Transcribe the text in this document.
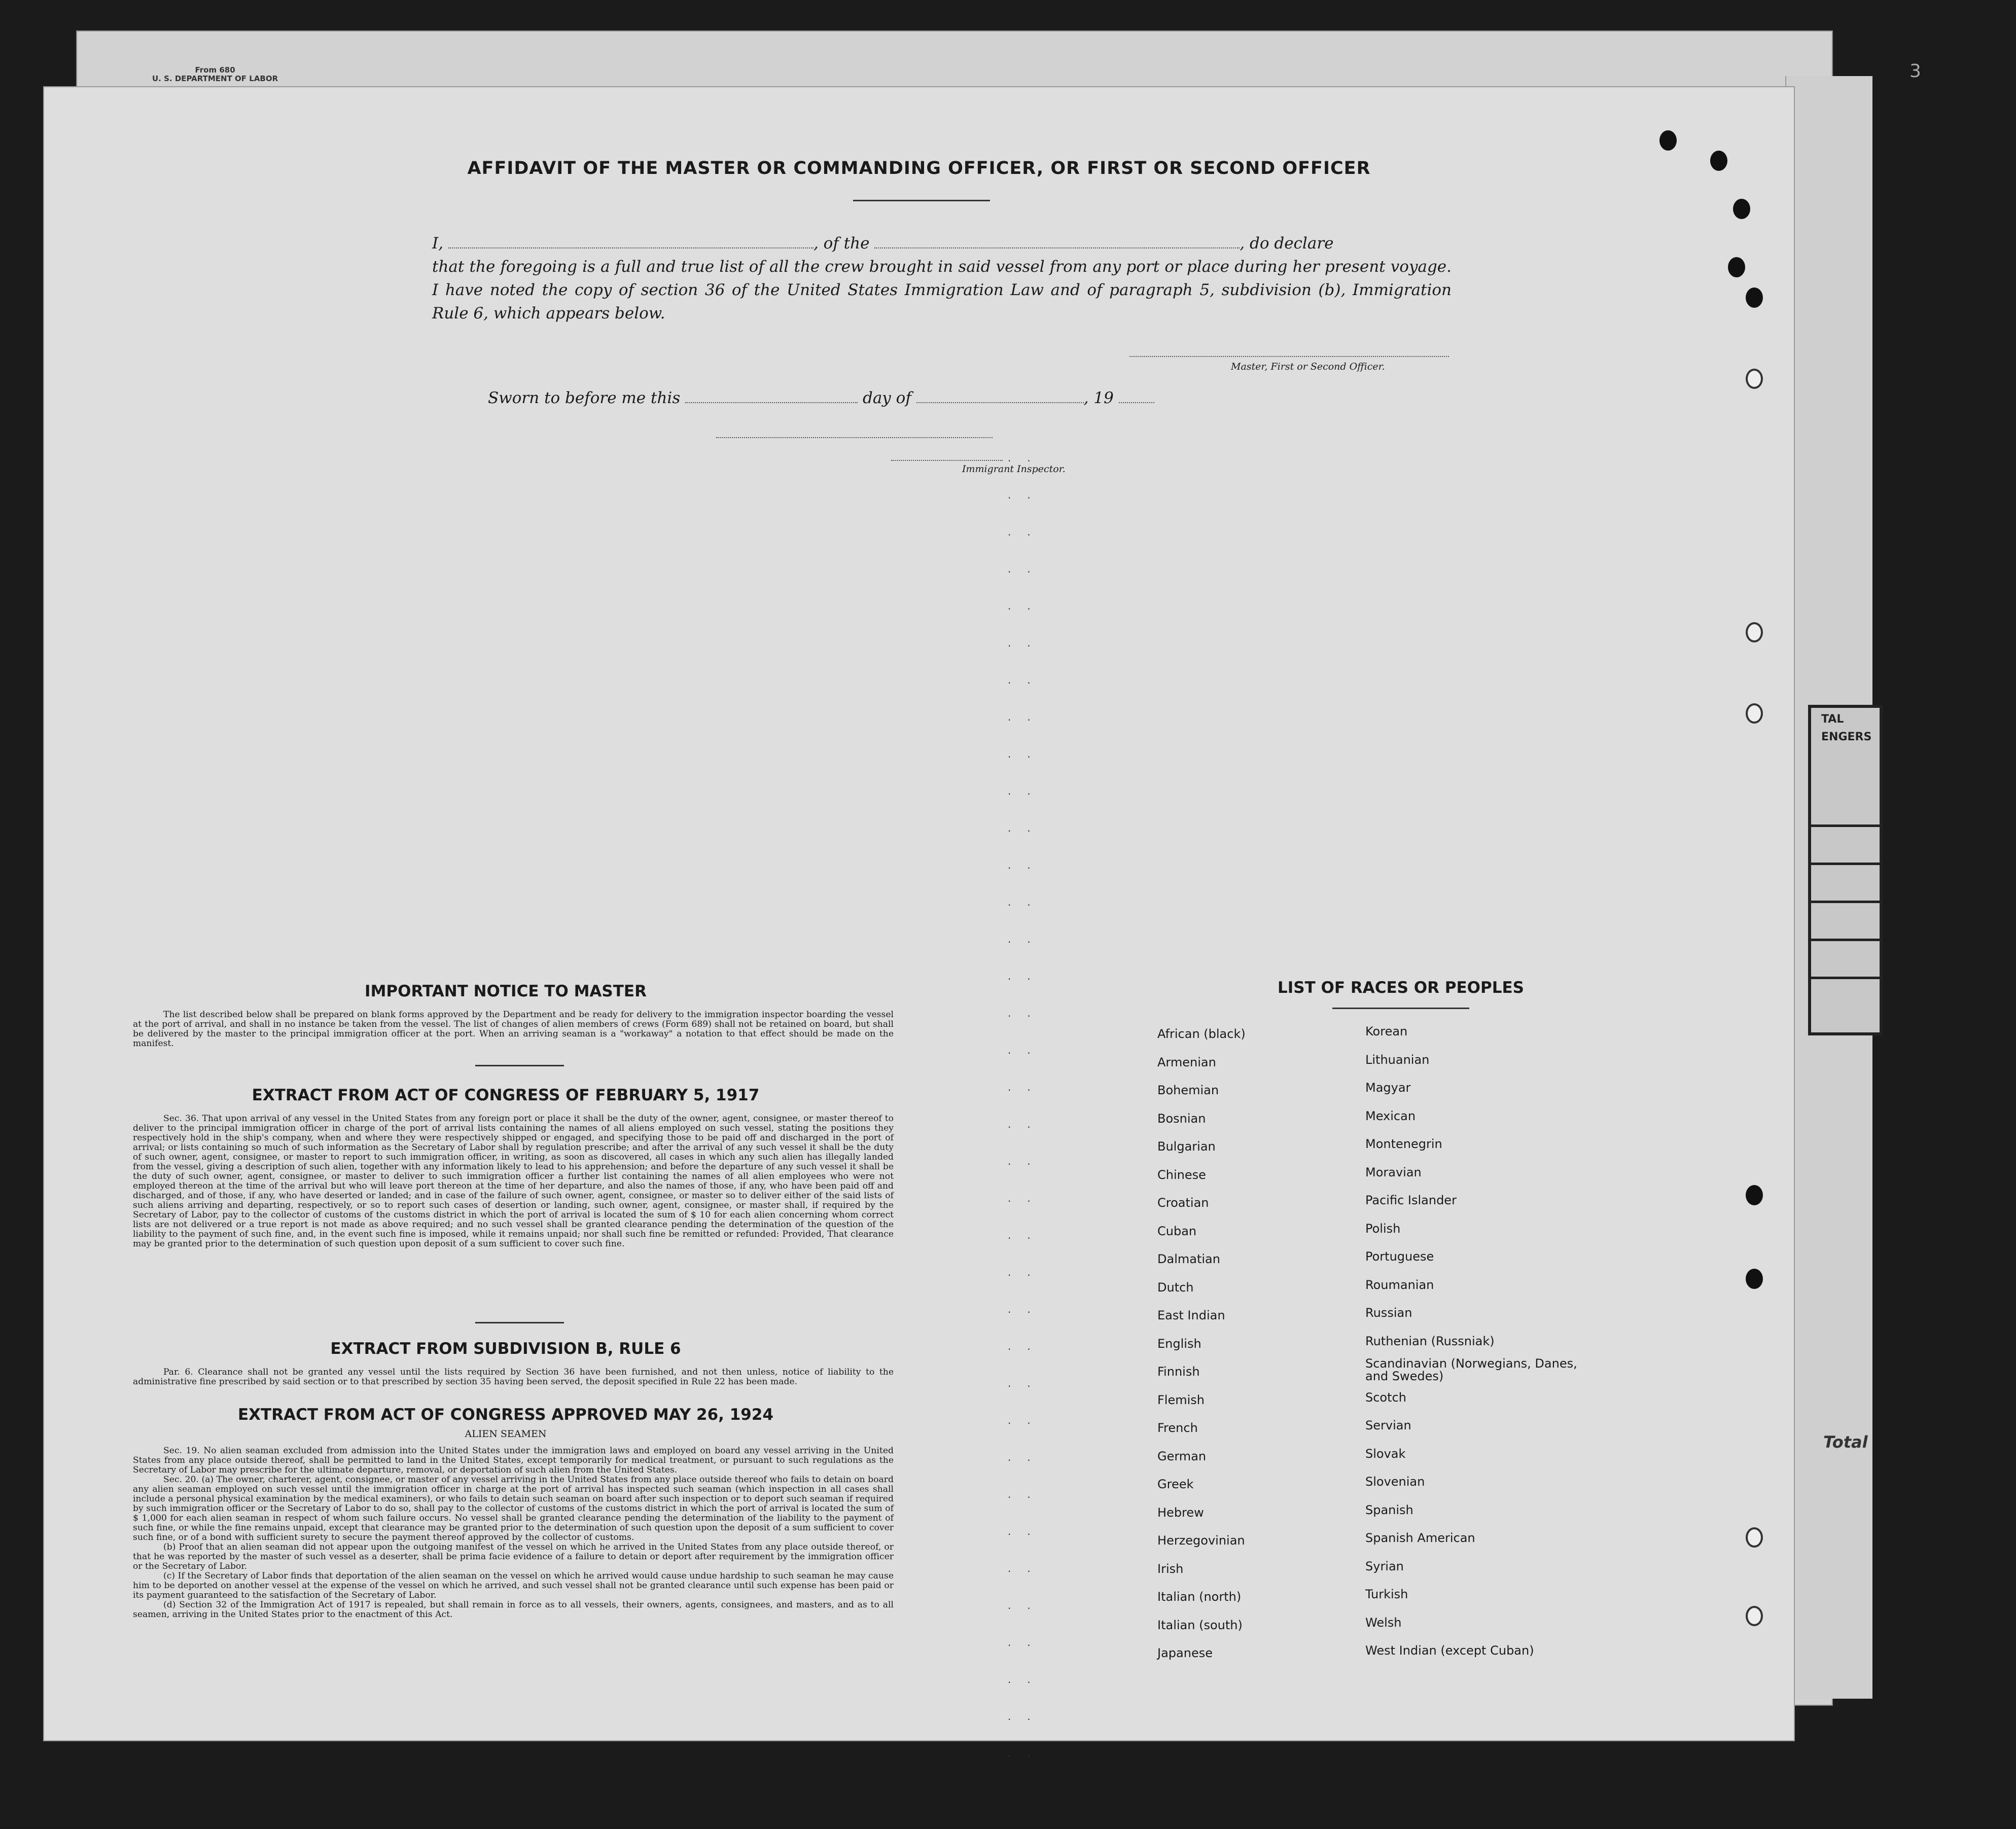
From 680
U. S. DEPARTMENT OF LABOR	3
TAL
ENGERS
Total
AFFIDAVIT OF THE MASTER OR COMMANDING OFFICER, OR FIRST OR SECOND OFFICER
I,	, of the	, do declare
that the foregoing is a full and true list of all the crew brought in said vessel from any port or place during her present voyage. I have noted the copy of section 36 of the United States Immigration Law and of paragraph 5, subdivision (b), Immigration Rule 6, which appears below.
Master, First or Second Officer.
Sworn to before me this	day of	, 19
Immigrant Inspector.
..
..
..
..
..
..
..
..
..
..
..
..
..
..
..
..
..
..
..
..
..
..
..
..
..
..
..
..
..
..
..
..
..
..
..
..
IMPORTANT NOTICE TO MASTER

The list described below shall be prepared on blank forms approved by the Department and be ready for delivery to the immigration inspector boarding the vessel at the port of arrival, and shall in no instance be taken from the vessel. The list of changes of alien members of crews (Form 689) shall not be retained on board, but shall be delivered by the master to the principal immigration officer at the port. When an arriving seaman is a "workaway" a notation to that effect should be made on the manifest.

EXTRACT FROM ACT OF CONGRESS OF FEBRUARY 5, 1917

Sec. 36. That upon arrival of any vessel in the United States from any foreign port or place it shall be the duty of the owner, agent, consignee, or master thereof to deliver to the principal immigration officer in charge of the port of arrival lists containing the names of all aliens employed on such vessel, stating the positions they respectively hold in the ship's company, when and where they were respectively shipped or engaged, and specifying those to be paid off and discharged in the port of arrival; or lists containing so much of such information as the Secretary of Labor shall by regulation prescribe; and after the arrival of any such vessel it shall be the duty of such owner, agent, consignee, or master to report to such immigration officer, in writing, as soon as discovered, all cases in which any such alien has illegally landed from the vessel, giving a description of such alien, together with any information likely to lead to his apprehension; and before the departure of any such vessel it shall be the duty of such owner, agent, consignee, or master to deliver to such immigration officer a further list containing the names of all alien employees who were not employed thereon at the time of the arrival but who will leave port thereon at the time of her departure, and also the names of those, if any, who have been paid off and discharged, and of those, if any, who have deserted or landed; and in case of the failure of such owner, agent, consignee, or master so to deliver either of the said lists of such aliens arriving and departing, respectively, or so to report such cases of desertion or landing, such owner, agent, consignee, or master shall, if required by the Secretary of Labor, pay to the collector of customs of the customs district in which the port of arrival is located the sum of $ 10 for each alien concerning whom correct lists are not delivered or a true report is not made as above required; and no such vessel shall be granted clearance pending the determination of the question of the liability to the payment of such fine, and, in the event such fine is imposed, while it remains unpaid; nor shall such fine be remitted or refunded: Provided, That clearance may be granted prior to the determination of such question upon deposit of a sum sufficient to cover such fine.

EXTRACT FROM SUBDIVISION B, RULE 6

Par. 6. Clearance shall not be granted any vessel until the lists required by Section 36 have been furnished, and not then unless, notice of liability to the administrative fine prescribed by said section or to that prescribed by section 35 having been served, the deposit specified in Rule 22 has been made.

EXTRACT FROM ACT OF CONGRESS APPROVED MAY 26, 1924
ALIEN SEAMEN

Sec. 19. No alien seaman excluded from admission into the United States under the immigration laws and employed on board any vessel arriving in the United States from any place outside thereof, shall be permitted to land in the United States, except temporarily for medical treatment, or pursuant to such regulations as the Secretary of Labor may prescribe for the ultimate departure, removal, or deportation of such alien from the United States.

Sec. 20. (a) The owner, charterer, agent, consignee, or master of any vessel arriving in the United States from any place outside thereof who fails to detain on board any alien seaman employed on such vessel until the immigration officer in charge at the port of arrival has inspected such seaman (which inspection in all cases shall include a personal physical examination by the medical examiners), or who fails to detain such seaman on board after such inspection or to deport such seaman if required by such immigration officer or the Secretary of Labor to do so, shall pay to the collector of customs of the customs district in which the port of arrival is located the sum of $ 1,000 for each alien seaman in respect of whom such failure occurs. No vessel shall be granted clearance pending the determination of the liability to the payment of such fine, or while the fine remains unpaid, except that clearance may be granted prior to the determination of such question upon the deposit of a sum sufficient to cover such fine, or of a bond with sufficient surety to secure the payment thereof approved by the collector of customs.

(b) Proof that an alien seaman did not appear upon the outgoing manifest of the vessel on which he arrived in the United States from any place outside thereof, or that he was reported by the master of such vessel as a deserter, shall be prima facie evidence of a failure to detain or deport after requirement by the immigration officer or the Secretary of Labor.

(c) If the Secretary of Labor finds that deportation of the alien seaman on the vessel on which he arrived would cause undue hardship to such seaman he may cause him to be deported on another vessel at the expense of the vessel on which he arrived, and such vessel shall not be granted clearance until such expense has been paid or its payment guaranteed to the satisfaction of the Secretary of Labor.

(d) Section 32 of the Immigration Act of 1917 is repealed, but shall remain in force as to all vessels, their owners, agents, consignees, and masters, and as to all seamen, arriving in the United States prior to the enactment of this Act.

LIST OF RACES OR PEOPLES
African (black)
Armenian
Bohemian
Bosnian
Bulgarian
Chinese
Croatian
Cuban
Dalmatian
Dutch
East Indian
English
Finnish
Flemish
French
German
Greek
Hebrew
Herzegovinian
Irish
Italian (north)
Italian (south)
Japanese
Korean
Lithuanian
Magyar
Mexican
Montenegrin
Moravian
Pacific Islander
Polish
Portuguese
Roumanian
Russian
Ruthenian (Russniak)
Scandinavian (Norwegians, Danes, and Swedes)
Scotch
Servian
Slovak
Slovenian
Spanish
Spanish American
Syrian
Turkish
Welsh
West Indian (except Cuban)
